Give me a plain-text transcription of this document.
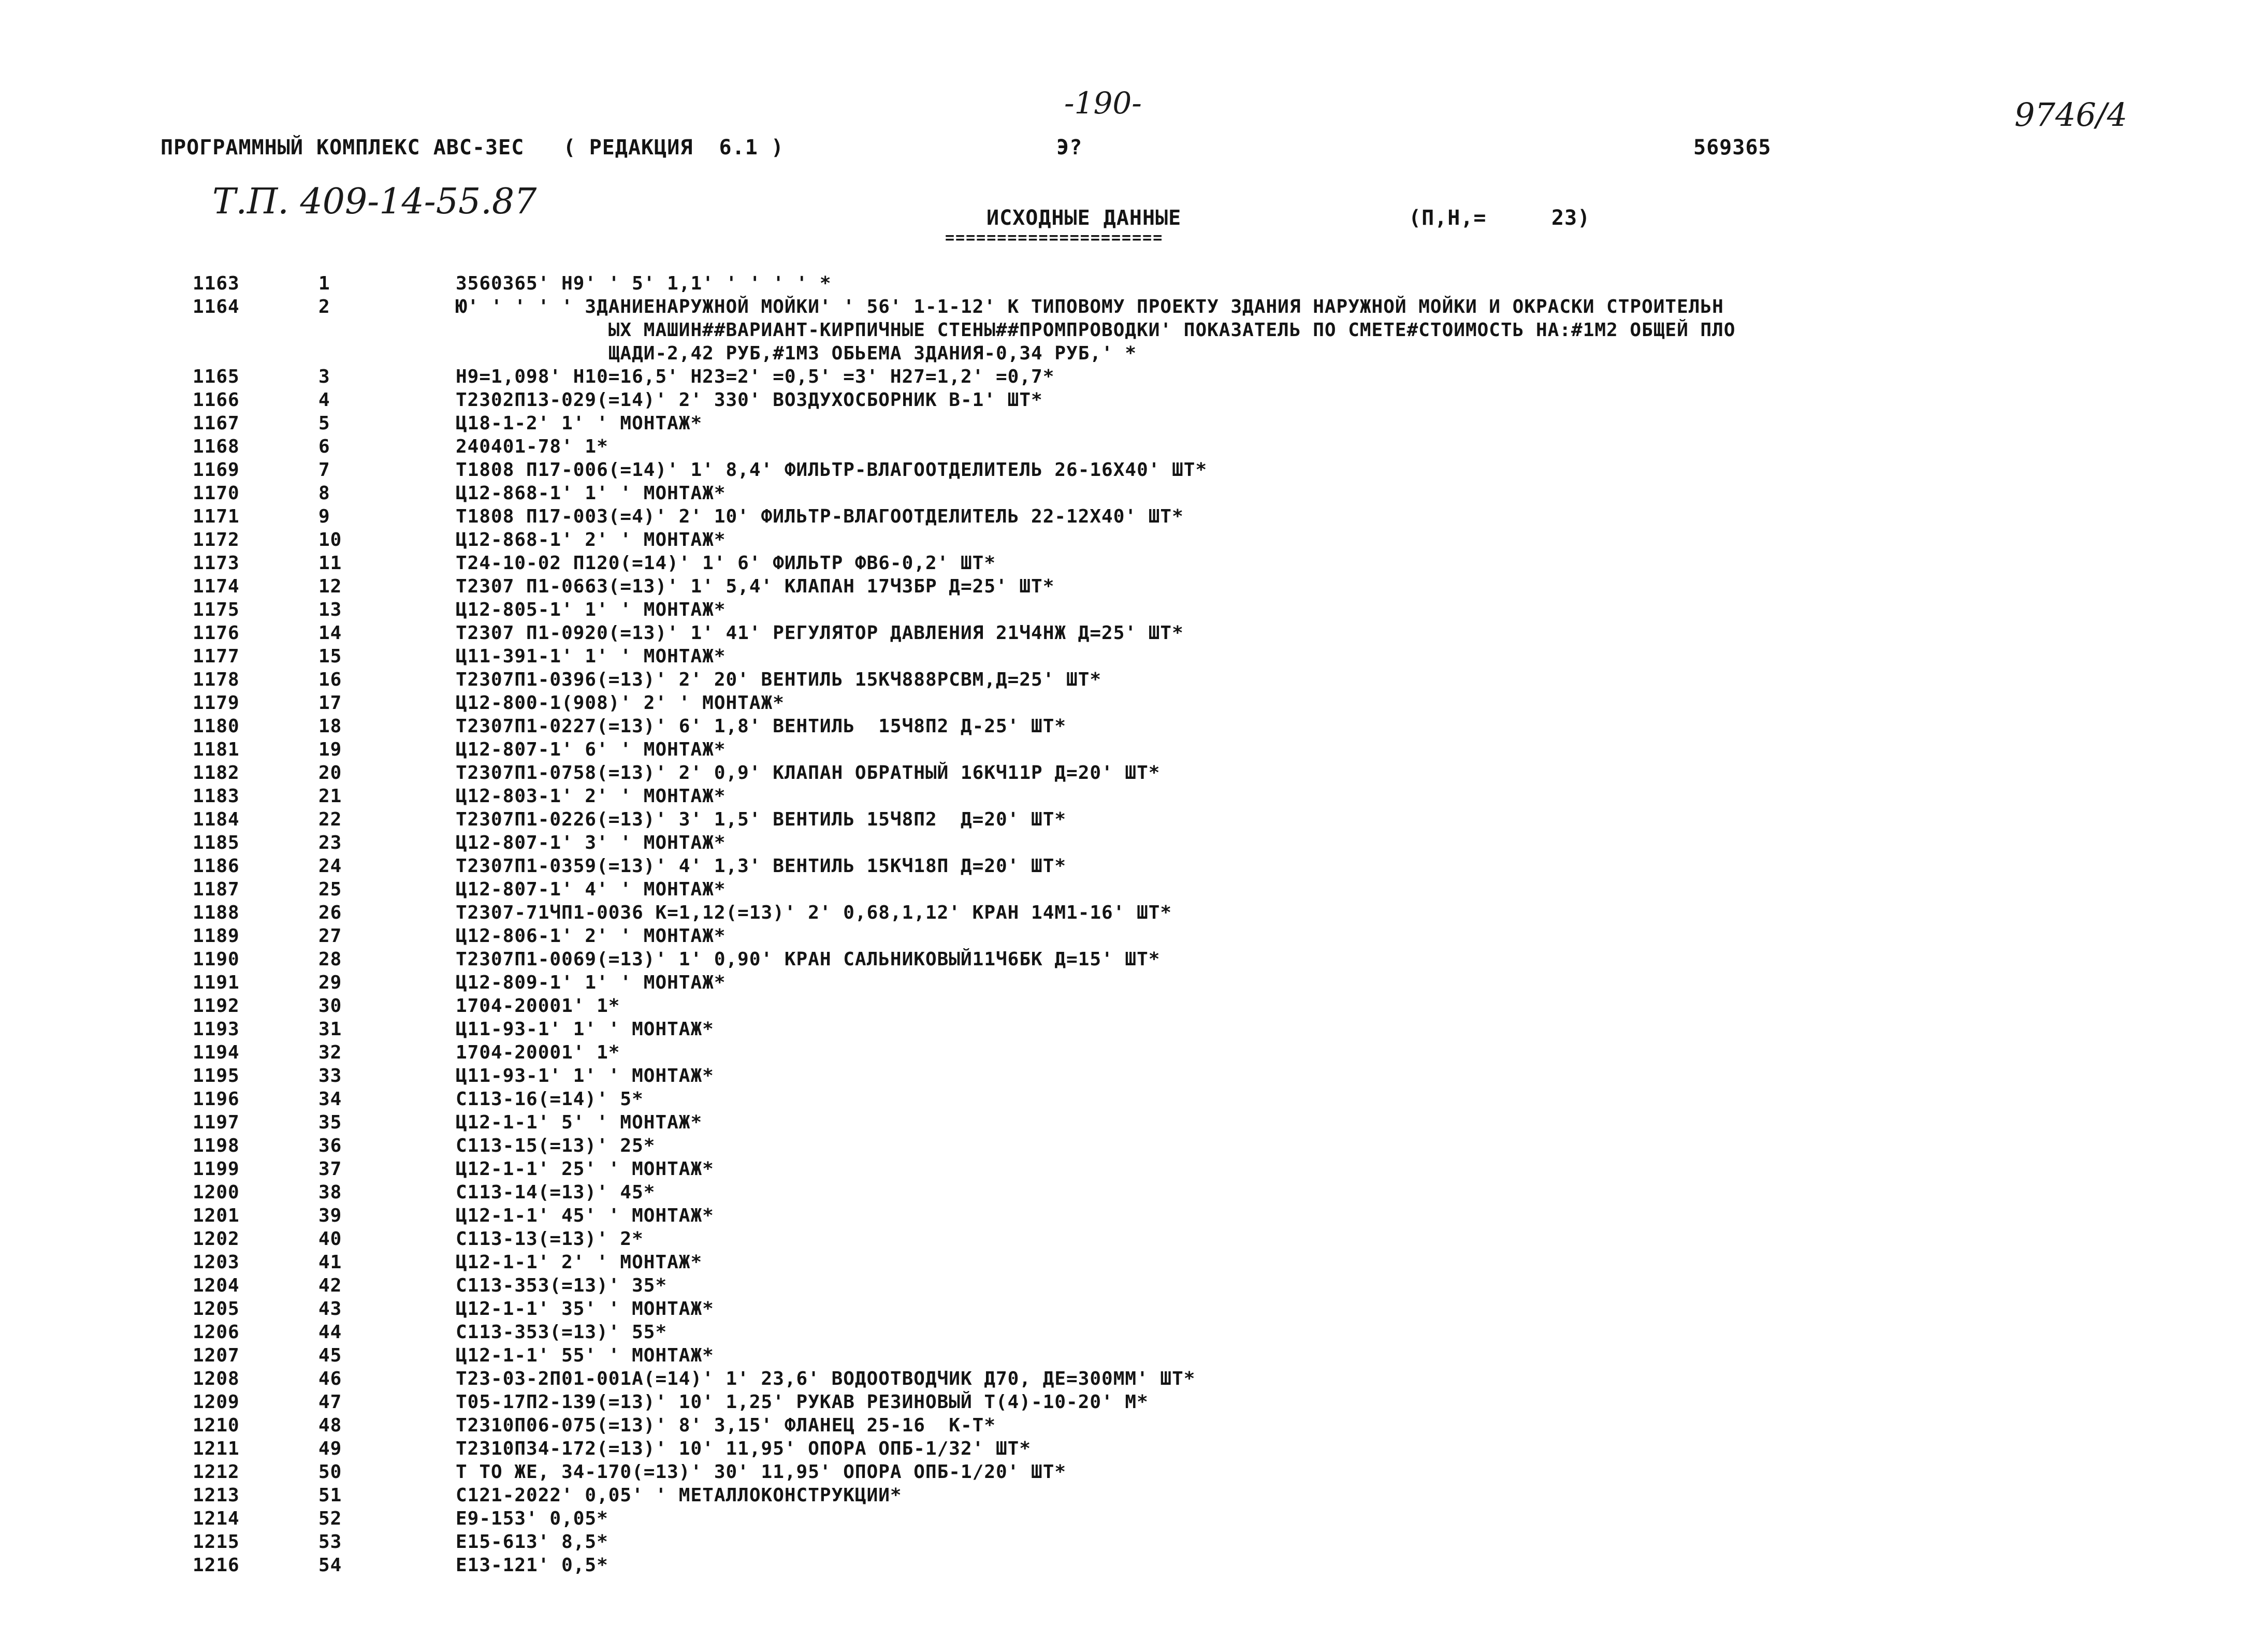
-190-	9746/4
Т.П. 409-14-55.87
ПРОГРАММНЫЙ КОМПЛЕКС АВС-3ЕС   ( РЕДАКЦИЯ  6.1 )	Э?	569365
ИСХОДНЫЕ ДАННЫЕ
=====================
(П,Н,=     23)
1163	1	3560365' Н9' ' 5' 1,1' ' ' ' ' *
1164	2	Ю' ' ' ' ' ЗДАНИЕНАРУЖНОЙ МОЙКИ' ' 56' 1-1-12' К ТИПОВОМУ ПРОЕКТУ ЗДАНИЯ НАРУЖНОЙ МОЙКИ И ОКРАСКИ СТРОИТЕЛЬН
ЫХ МАШИН##ВАРИАНТ-КИРПИЧНЫЕ СТЕНЫ##ПРОМПРОВОДКИ' ПОКАЗАТЕЛЬ ПО СМЕТЕ#СТОИМОСТЬ НА:#1М2 ОБЩЕЙ ПЛО
ЩАДИ-2,42 РУБ,#1М3 ОБЬЕМА ЗДАНИЯ-0,34 РУБ,' *
1165	3	Н9=1,098' Н10=16,5' Н23=2' =0,5' =3' Н27=1,2' =0,7*
1166	4	Т2302П13-029(=14)' 2' 330' ВОЗДУХОСБОРНИК В-1' ШТ*
1167	5	Ц18-1-2' 1' ' МОНТАЖ*
1168	6	240401-78' 1*
1169	7	Т1808 П17-006(=14)' 1' 8,4' ФИЛЬТР-ВЛАГООТДЕЛИТЕЛЬ 26-16Х40' ШТ*
1170	8	Ц12-868-1' 1' ' МОНТАЖ*
1171	9	Т1808 П17-003(=4)' 2' 10' ФИЛЬТР-ВЛАГООТДЕЛИТЕЛЬ 22-12Х40' ШТ*
1172	10	Ц12-868-1' 2' ' МОНТАЖ*
1173	11	Т24-10-02 П120(=14)' 1' 6' ФИЛЬТР ФВ6-0,2' ШТ*
1174	12	Т2307 П1-0663(=13)' 1' 5,4' КЛАПАН 17Ч3БР Д=25' ШТ*
1175	13	Ц12-805-1' 1' ' МОНТАЖ*
1176	14	Т2307 П1-0920(=13)' 1' 41' РЕГУЛЯТОР ДАВЛЕНИЯ 21Ч4НЖ Д=25' ШТ*
1177	15	Ц11-391-1' 1' ' МОНТАЖ*
1178	16	Т2307П1-0396(=13)' 2' 20' ВЕНТИЛЬ 15КЧ888РСВМ,Д=25' ШТ*
1179	17	Ц12-800-1(908)' 2' ' МОНТАЖ*
1180	18	Т2307П1-0227(=13)' 6' 1,8' ВЕНТИЛЬ  15Ч8П2 Д-25' ШТ*
1181	19	Ц12-807-1' 6' ' МОНТАЖ*
1182	20	Т2307П1-0758(=13)' 2' 0,9' КЛАПАН ОБРАТНЫЙ 16КЧ11Р Д=20' ШТ*
1183	21	Ц12-803-1' 2' ' МОНТАЖ*
1184	22	Т2307П1-0226(=13)' 3' 1,5' ВЕНТИЛЬ 15Ч8П2  Д=20' ШТ*
1185	23	Ц12-807-1' 3' ' МОНТАЖ*
1186	24	Т2307П1-0359(=13)' 4' 1,3' ВЕНТИЛЬ 15КЧ18П Д=20' ШТ*
1187	25	Ц12-807-1' 4' ' МОНТАЖ*
1188	26	Т2307-71ЧП1-0036 К=1,12(=13)' 2' 0,68,1,12' КРАН 14М1-16' ШТ*
1189	27	Ц12-806-1' 2' ' МОНТАЖ*
1190	28	Т2307П1-0069(=13)' 1' 0,90' КРАН САЛЬНИКОВЫЙ11Ч6БК Д=15' ШТ*
1191	29	Ц12-809-1' 1' ' МОНТАЖ*
1192	30	1704-20001' 1*
1193	31	Ц11-93-1' 1' ' МОНТАЖ*
1194	32	1704-20001' 1*
1195	33	Ц11-93-1' 1' ' МОНТАЖ*
1196	34	С113-16(=14)' 5*
1197	35	Ц12-1-1' 5' ' МОНТАЖ*
1198	36	С113-15(=13)' 25*
1199	37	Ц12-1-1' 25' ' МОНТАЖ*
1200	38	С113-14(=13)' 45*
1201	39	Ц12-1-1' 45' ' МОНТАЖ*
1202	40	С113-13(=13)' 2*
1203	41	Ц12-1-1' 2' ' МОНТАЖ*
1204	42	С113-353(=13)' 35*
1205	43	Ц12-1-1' 35' ' МОНТАЖ*
1206	44	С113-353(=13)' 55*
1207	45	Ц12-1-1' 55' ' МОНТАЖ*
1208	46	Т23-03-2П01-001А(=14)' 1' 23,6' ВОДООТВОДЧИК Д70, ДЕ=300ММ' ШТ*
1209	47	Т05-17П2-139(=13)' 10' 1,25' РУКАВ РЕЗИНОВЫЙ Т(4)-10-20' М*
1210	48	Т2310П06-075(=13)' 8' 3,15' ФЛАНЕЦ 25-16  К-Т*
1211	49	Т2310П34-172(=13)' 10' 11,95' ОПОРА ОПБ-1/32' ШТ*
1212	50	Т ТО ЖЕ, 34-170(=13)' 30' 11,95' ОПОРА ОПБ-1/20' ШТ*
1213	51	С121-2022' 0,05' ' МЕТАЛЛОКОНСТРУКЦИИ*
1214	52	Е9-153' 0,05*
1215	53	Е15-613' 8,5*
1216	54	Е13-121' 0,5*
